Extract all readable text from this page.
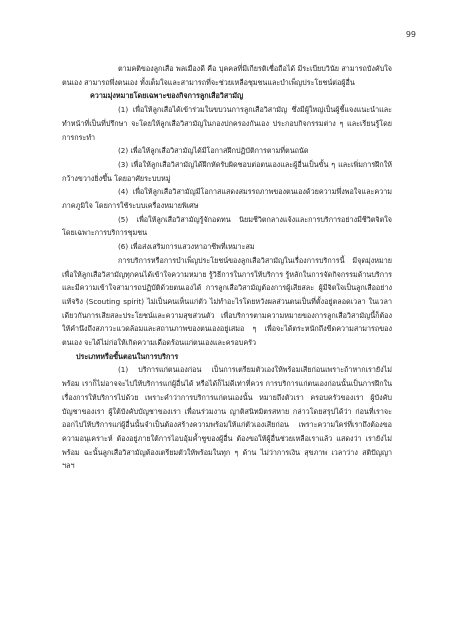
99

ตามคติของลูกเสือ พลเมืองดี คือ บุคคลที่มีเกียรติเชื่อถือได้ มีระเบียบวินัย สามารถบังคับใจตนเอง สามารถพึ่งตนเอง ทั้งเต็มใจและสามารถที่จะช่วยเหลือชุมชนและบำเพ็ญประโยชน์ต่อผู้อื่น

ความมุ่งหมายโดยเฉพาะของกิจการลูกเสือวิสามัญ

(1) เพื่อให้ลูกเสือได้เข้าร่วมในขบวนการลูกเสือวิสามัญ ซึ่งมีผู้ใหญ่เป็นผู้ชี้แจงแนะนำและทำหน้าที่เป็นที่ปรึกษา จะโดยให้ลูกเสือวิสามัญในกองปกครองกันเอง ประกอบกิจกรรมต่าง ๆ และเรียนรู้โดยการกระทำ

(2) เพื่อให้ลูกเสือวิสามัญได้มีโอกาสฝึกปฏิบัติการตามที่ตนถนัด

(3) เพื่อให้ลูกเสือวิสามัญได้ฝึกหัดรับผิดชอบต่อตนเองและผู้อื่นเป็นขั้น ๆ และเพิ่มการฝึกให้กว้างขวางยิ่งขึ้น โดยอาศัยระบบหมู่

(4) เพื่อให้ลูกเสือวิสามัญมีโอกาสแสดงสมรรถภาพของตนเองด้วยความพึ่งพอใจและความภาคภูมิใจ โดยการใช้ระบบเครื่องหมายพิเศษ

(5) เพื่อให้ลูกเสือวิสามัญรู้จักอดทน นิยมชีวิตกลางแจ้งและการบริการอย่างมีชีวิตจิตใจ โดยเฉพาะการบริการชุมชน

(6) เพื่อส่งเสริมการแสวงหาอาชีพที่เหมาะสม

การบริการหรือการบำเพ็ญประโยชน์ของลูกเสือวิสามัญในเรื่องการบริการนี้ มีจุดมุ่งหมาย เพื่อให้ลูกเสือวิสามัญทุกคนได้เข้าใจความหมาย รู้วิธีการในการให้บริการ รู้หลักในการจัดกิจกรรมด้านบริการ และมีความเข้าใจสามารถปฏิบัติด้วยตนเองได้ การลูกเสือวิสามัญต้องการผู้เสียสละ ผู้มีจิตใจเป็นลูกเสืออย่างแท้จริง (Scouting spirit) ไม่เป็นคนเห็นแก่ตัว ไม่ทำอะไรโดยหวังผลส่วนตนเป็นที่ตั้งอยู่ตลอดเวลา ในเวลาเดียวกันการเสียสละประโยชน์และความสุขส่วนตัว เพื่อบริการตามความหมายของการลูกเสือวิสามัญนี้ก็ต้องให้คำนึงถึงสภาวะแวดล้อมและสถานภาพของตนเองอยู่เสมอ ๆ เพื่อจะได้ตระหนักถึงขีดความสามารถของตนเอง จะได้ไม่ก่อให้เกิดความเดือดร้อนแก่ตนเองและครอบครัว

ประเภทหรือขั้นตอนในการบริการ

(1) บริการแก่ตนเองก่อน เป็นการเตรียมตัวเองให้พร้อมเสียก่อนเพราะถ้าหากเรายังไม่พร้อม เราก็ไม่อาจจะไปให้บริการแก่ผู้อื่นได้ หรือได้ก็ไม่ดีเท่าที่ควร การบริการแก่ตนเองก่อนนั้นเป็นการฝึกในเรื่องการให้บริการไปด้วย เพราะคำว่าการบริการแก่ตนเองนั้น หมายถึงตัวเรา ครอบครัวของเรา ผู้บังคับบัญชาของเรา ผู้ใต้บังคับบัญชาของเรา เพื่อนร่วมงาน ญาติสนิทมิตรสหาย กล่าวโดยสรุปได้ว่า ก่อนที่เราจะออกไปให้บริการแก่ผู้อื่นนั้นจำเป็นต้องสร้างความพร้อมให้แก่ตัวเองเสียก่อน เพราะความใคร่ที่เราถึงต้องขอความอนุเคราะห์ ต้องอยู่ภายใต้การไอบอุ้มค้ำชูของผู้อื่น ต้องขอให้ผู้อื่นช่วยเหลือเราแล้ว แสดงว่า เรายังไม่พร้อม ฉะนั้นลูกเสือวิสามัญต้องเตรียมตัวให้พร้อมในทุก ๆ ด้าน ไม่ว่าการเงิน สุขภาพ เวลาว่าง สติปัญญา ฯลฯ
